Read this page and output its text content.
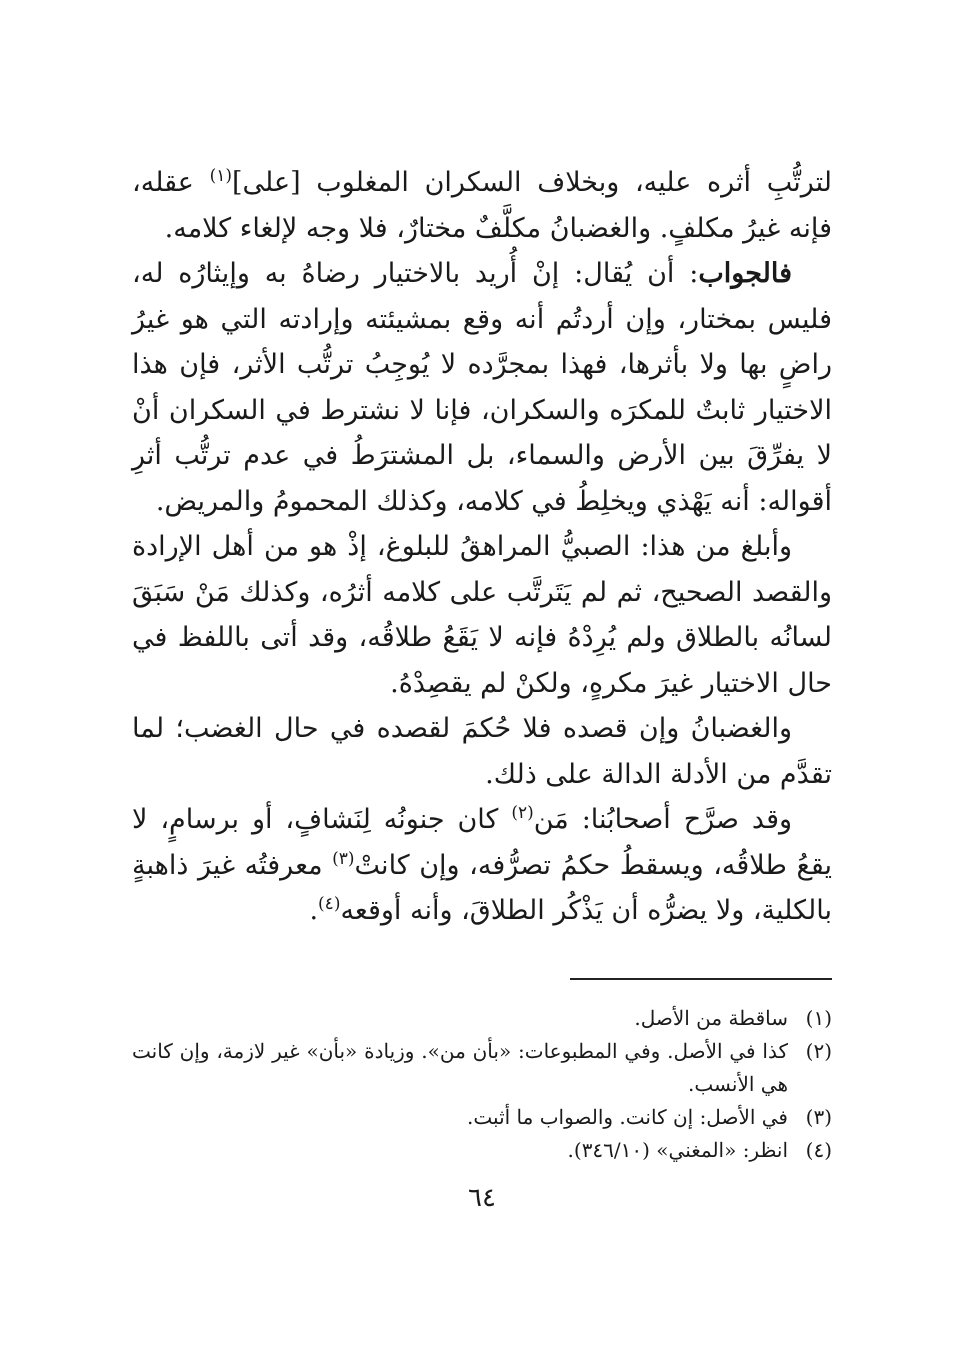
لترتُّبِ أثره عليه، وبخلاف السكران المغلوب [على]$^{(١)}$ عقله، فإنه غيرُ مكلفٍ. والغضبانُ مكلَّفٌ مختارٌ، فلا وجه لإلغاء كلامه.

فالجواب: أن يُقال: إنْ أُريد بالاختيار رضاهُ به وإيثارُه له، فليس بمختار، وإن أردتُم أنه وقع بمشيئته وإرادته التي هو غيرُ راضٍ بها ولا بأثرها، فهذا بمجرَّده لا يُوجِبُ ترتُّب الأثر، فإن هذا الاختيار ثابتٌ للمكرَه والسكران، فإنا لا نشترط في السكران أنْ لا يفرِّقَ بين الأرض والسماء، بل المشترَطُ في عدم ترتُّب أثرِ أقواله: أنه يَهْذي ويخلِطُ في كلامه، وكذلك المحمومُ والمريض.

وأبلغ من هذا: الصبيُّ المراهقُ للبلوغ، إذْ هو من أهل الإرادة والقصد الصحيح، ثم لم يَتَرتَّب على كلامه أثرُه، وكذلك مَنْ سَبَقَ لسانُه بالطلاق ولم يُرِدْهُ فإنه لا يَقَعُ طلاقُه، وقد أتى باللفظ في حال الاختيار غيرَ مكرهٍ، ولكنْ لم يقصِدْهُ.

والغضبانُ وإن قصده فلا حُكمَ لقصده في حال الغضب؛ لما تقدَّم من الأدلة الدالة على ذلك.

وقد صرَّح أصحابُنا: مَن$^{(٢)}$ كان جنونُه لِنَشافٍ، أو برسامٍ، لا يقعُ طلاقُه، ويسقطُ حكمُ تصرُّفه، وإن كانتْ$^{(٣)}$ معرفتُه غيرَ ذاهبةٍ بالكلية، ولا يضرُّه أن يَذْكُر الطلاقَ، وأنه أوقعه$^{(٤)}$.

(١)
ساقطة من الأصل.
(٢)
كذا في الأصل. وفي المطبوعات: «بأن من». وزيادة «بأن» غير لازمة، وإن كانت هي الأنسب.
(٣)
في الأصل: إن كانت. والصواب ما أثبت.
(٤)
انظر: «المغني» (٣٤٦/١٠).
٦٤
